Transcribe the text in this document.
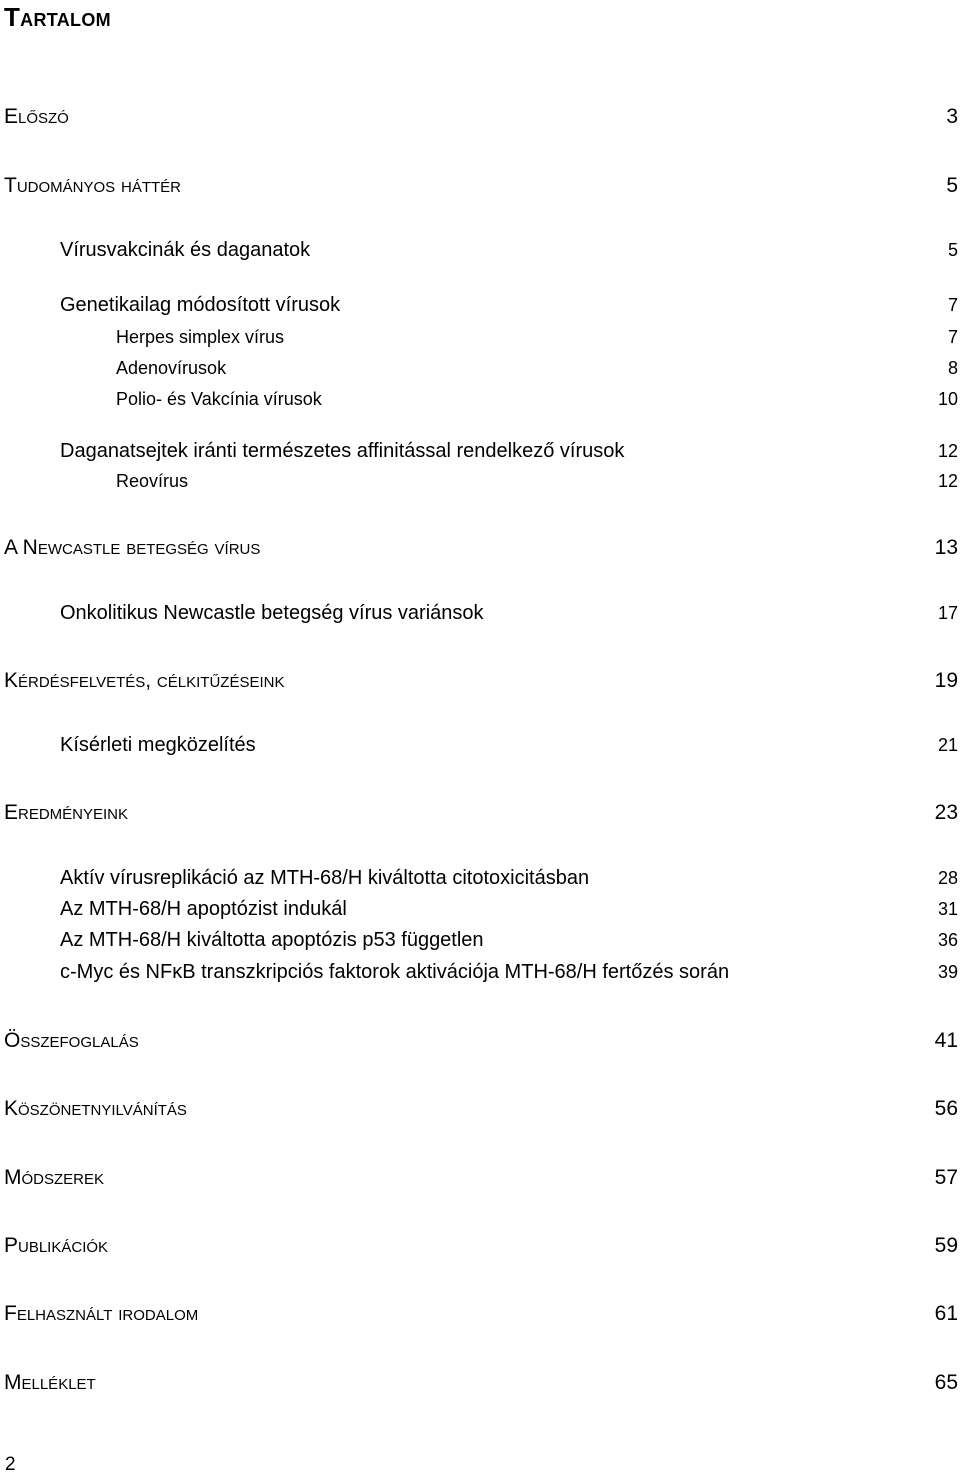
Tartalom
Előszó	3
Tudományos háttér	5
Vírusvakcinák és daganatok	5
Genetikailag módosított vírusok	7
Herpes simplex vírus	7
Adenovírusok	8
Polio- és Vakcínia vírusok	10
Daganatsejtek iránti természetes affinitással rendelkező vírusok	12
Reovírus	12
A Newcastle betegség vírus	13
Onkolitikus Newcastle betegség vírus variánsok	17
Kérdésfelvetés, célkitűzéseink	19
Kísérleti megközelítés	21
Eredményeink	23
Aktív vírusreplikáció az MTH-68/H kiváltotta citotoxicitásban	28
Az MTH-68/H apoptózist indukál	31
Az MTH-68/H kiváltotta apoptózis p53 független	36
c-Myc és NFκB transzkripciós faktorok aktivációja MTH-68/H fertőzés során	39
Összefoglalás	41
Köszönetnyilvánítás	56
Módszerek	57
Publikációk	59
Felhasznált irodalom	61
Melléklet	65
2
